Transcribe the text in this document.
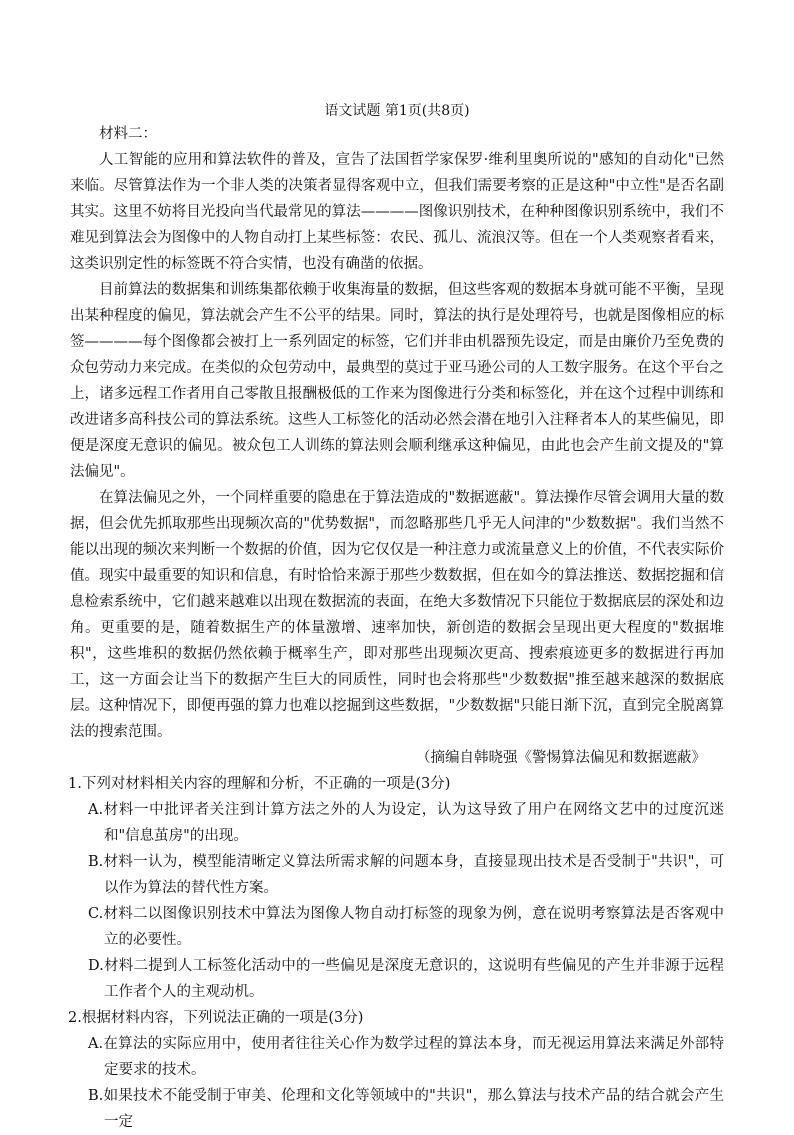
语文试题 第1页(共8页)

材料二：

人工智能的应用和算法软件的普及，宣告了法国哲学家保罗·维利里奥所说的"感知的自动化"已然来临。尽管算法作为一个非人类的决策者显得客观中立，但我们需要考察的正是这种"中立性"是否名副其实。这里不妨将目光投向当代最常见的算法————图像识别技术，在种种图像识别系统中，我们不难见到算法会为图像中的人物自动打上某些标签：农民、孤儿、流浪汉等。但在一个人类观察者看来，这类识别定性的标签既不符合实情，也没有确凿的依据。

目前算法的数据集和训练集都依赖于收集海量的数据，但这些客观的数据本身就可能不平衡，呈现出某种程度的偏见，算法就会产生不公平的结果。同时，算法的执行是处理符号，也就是图像相应的标签————每个图像都会被打上一系列固定的标签，它们并非由机器预先设定，而是由廉价乃至免费的众包劳动力来完成。在类似的众包劳动中，最典型的莫过于亚马逊公司的人工数字服务。在这个平台之上，诸多远程工作者用自己零散且报酬极低的工作来为图像进行分类和标签化，并在这个过程中训练和改进诸多高科技公司的算法系统。这些人工标签化的活动必然会潜在地引入注释者本人的某些偏见，即便是深度无意识的偏见。被众包工人训练的算法则会顺利继承这种偏见，由此也会产生前文提及的"算法偏见"。

在算法偏见之外，一个同样重要的隐患在于算法造成的"数据遮蔽"。算法操作尽管会调用大量的数据，但会优先抓取那些出现频次高的"优势数据"，而忽略那些几乎无人问津的"少数数据"。我们当然不能以出现的频次来判断一个数据的价值，因为它仅仅是一种注意力或流量意义上的价值，不代表实际价值。现实中最重要的知识和信息，有时恰恰来源于那些少数数据，但在如今的算法推送、数据挖掘和信息检索系统中，它们越来越难以出现在数据流的表面，在绝大多数情况下只能位于数据底层的深处和边角。更重要的是，随着数据生产的体量激增、速率加快，新创造的数据会呈现出更大程度的"数据堆积"，这些堆积的数据仍然依赖于概率生产，即对那些出现频次更高、搜索痕迹更多的数据进行再加工，这一方面会让当下的数据产生巨大的同质性，同时也会将那些"少数数据"推至越来越深的数据底层。这种情况下，即便再强的算力也难以挖掘到这些数据，"少数数据"只能日渐下沉，直到完全脱离算法的搜索范围。

（摘编自韩晓强《警惕算法偏见和数据遮蔽》

1.下列对材料相关内容的理解和分析，不正确的一项是(3分)

A.材料一中批评者关注到计算方法之外的人为设定，认为这导致了用户在网络文艺中的过度沉迷和"信息茧房"的出现。

B.材料一认为，模型能清晰定义算法所需求解的问题本身，直接显现出技术是否受制于"共识"，可以作为算法的替代性方案。

C.材料二以图像识别技术中算法为图像人物自动打标签的现象为例，意在说明考察算法是否客观中立的必要性。

D.材料二提到人工标签化活动中的一些偏见是深度无意识的，这说明有些偏见的产生并非源于远程工作者个人的主观动机。

2.根据材料内容，下列说法正确的一项是(3分)

A.在算法的实际应用中，使用者往往关心作为数学过程的算法本身，而无视运用算法来满足外部特定要求的技术。

B.如果技术不能受制于审美、伦理和文化等领域中的"共识"，那么算法与技术产品的结合就会产生一定
